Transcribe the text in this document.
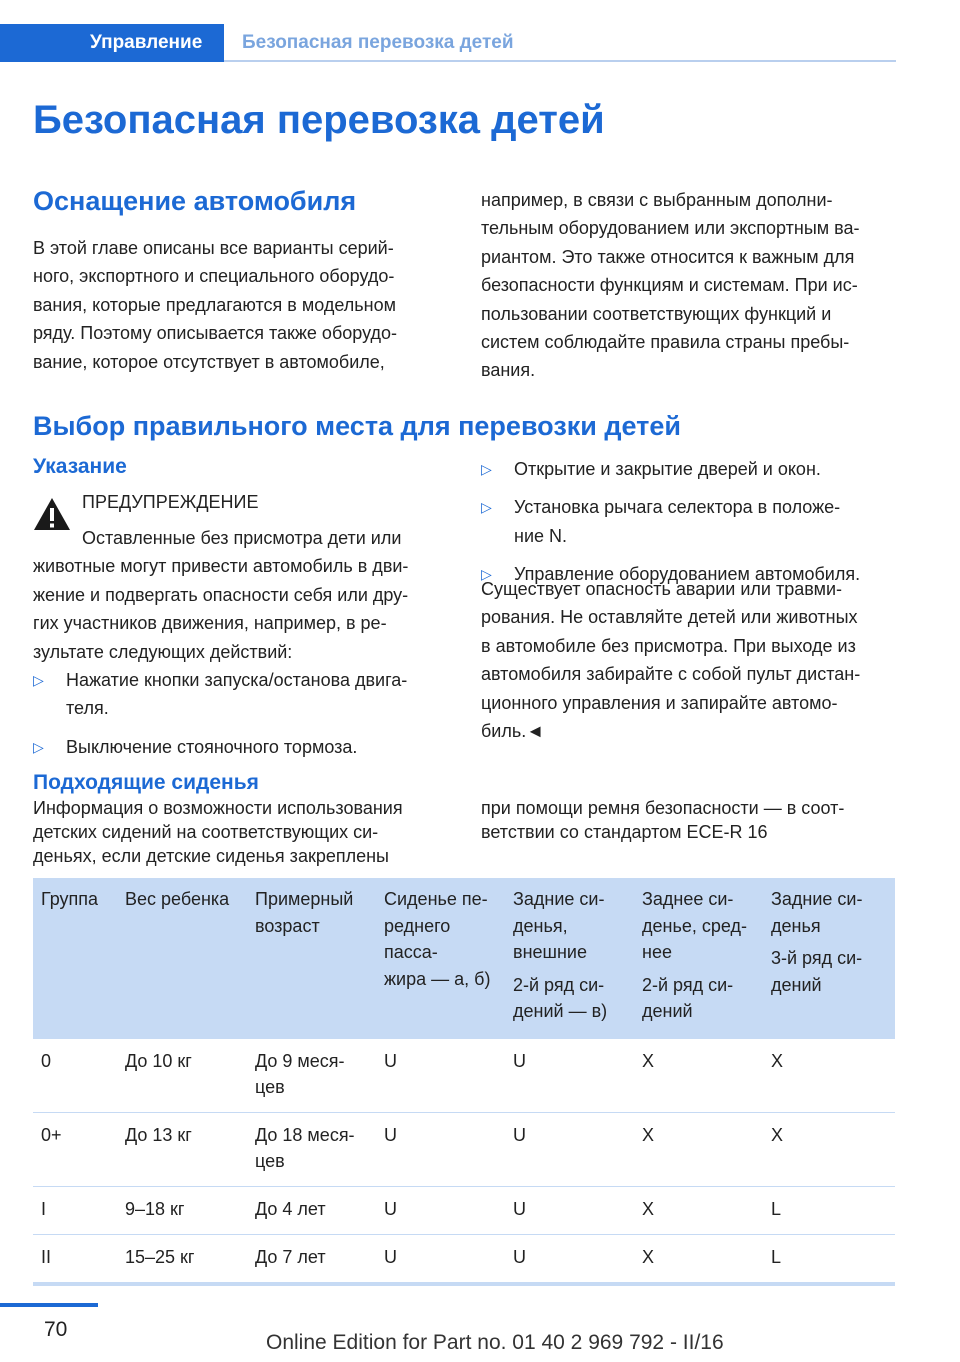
Управление	Безопасная перевозка детей
Безопасная перевозка детей
Оснащение автомобиля
В этой главе описаны все варианты серий-
ного, экспортного и специального оборудо-
вания, которые предлагаются в модельном
ряду. Поэтому описывается также оборудо-
вание, которое отсутствует в автомобиле,
например, в связи с выбранным дополни-
тельным оборудованием или экспортным ва-
риантом. Это также относится к важным для
безопасности функциям и системам. При ис-
пользовании соответствующих функций и
систем соблюдайте правила страны пребы-
вания.
Выбор правильного места для перевозки детей
Указание
ПРЕДУПРЕЖДЕНИЕ
Оставленные без присмотра дети или
животные могут привести автомобиль в дви-
жение и подвергать опасности себя или дру-
гих участников движения, например, в ре-
зультате следующих действий:
▷ Нажатие кнопки запуска/останова двига-
теля.
▷ Выключение стояночного тормоза.
▷ Открытие и закрытие дверей и окон.
▷ Установка рычага селектора в положе-
ние N.
▷ Управление оборудованием автомобиля.
Существует опасность аварии или травми-
рования. Не оставляйте детей или животных
в автомобиле без присмотра. При выходе из
автомобиля забирайте с собой пульт дистан-
ционного управления и запирайте автомо-
биль.◄
Подходящие сиденья
Информация о возможности использования
детских сидений на соответствующих си-
деньях, если детские сиденья закреплены
при помощи ремня безопасности — в соот-
ветствии со стандартом ECE-R 16
Группа	Вес ребенка	Примерный
возраст	Сиденье пе-
реднего
пасса-
жира — а, б)	Задние си-
денья,
внешние
2-й ряд си-
дений — в)	Заднее си-
денье, сред-
нее
2-й ряд си-
дений	Задние си-
денья
3-й ряд си-
дений

0	До 10 кг	До 9 меся-
цев	U	U	X	X

0+	До 13 кг	До 18 меся-
цев	U	U	X	X

I	9–18 кг	До 4 лет	U	U	X	L

II	15–25 кг	До 7 лет	U	U	X	L
70
Online Edition for Part no. 01 40 2 969 792 - II/16
